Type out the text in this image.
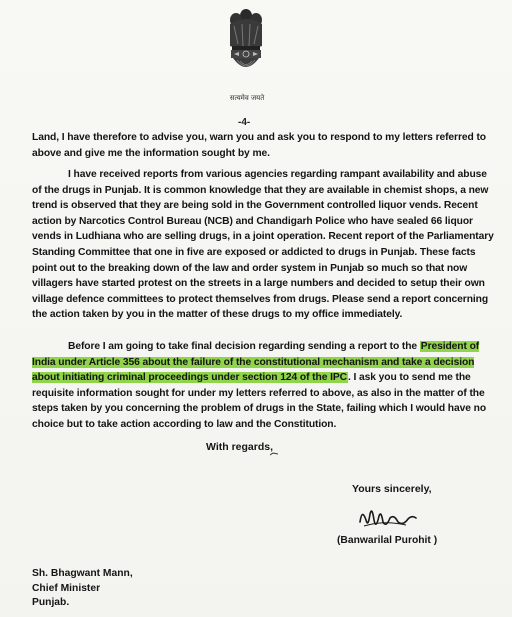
सत्यमेव जयते
-4-

Land, I have therefore to advise you, warn you and ask you to respond to my letters referred to above and give me the information sought by me.

I have received reports from various agencies regarding rampant availability and abuse of the drugs in Punjab. It is common knowledge that they are available in chemist shops, a new trend is observed that they are being sold in the Government controlled liquor vends. Recent action by Narcotics Control Bureau (NCB) and Chandigarh Police who have sealed 66 liquor vends in Ludhiana who are selling drugs, in a joint operation. Recent report of the Parliamentary Standing Committee that one in five are exposed or addicted to drugs in Punjab. These facts point out to the breaking down of the law and order system in Punjab so much so that now villagers have started protest on the streets in a large numbers and decided to setup their own village defence committees to protect themselves from drugs. Please send a report concerning the action taken by you in the matter of these drugs to my office immediately.

Before I am going to take final decision regarding sending a report to the President of India under Article 356 about the failure of the constitutional mechanism and take a decision about initiating criminal proceedings under section 124 of the IPC. I ask you to send me the requisite information sought for under my letters referred to above, as also in the matter of the steps taken by you concerning the problem of drugs in the State, failing which I would have no choice but to take action according to law and the Constitution.

With regards,
Yours sincerely,
(Banwarilal Purohit )
Sh. Bhagwant Mann,
Chief Minister
Punjab.
